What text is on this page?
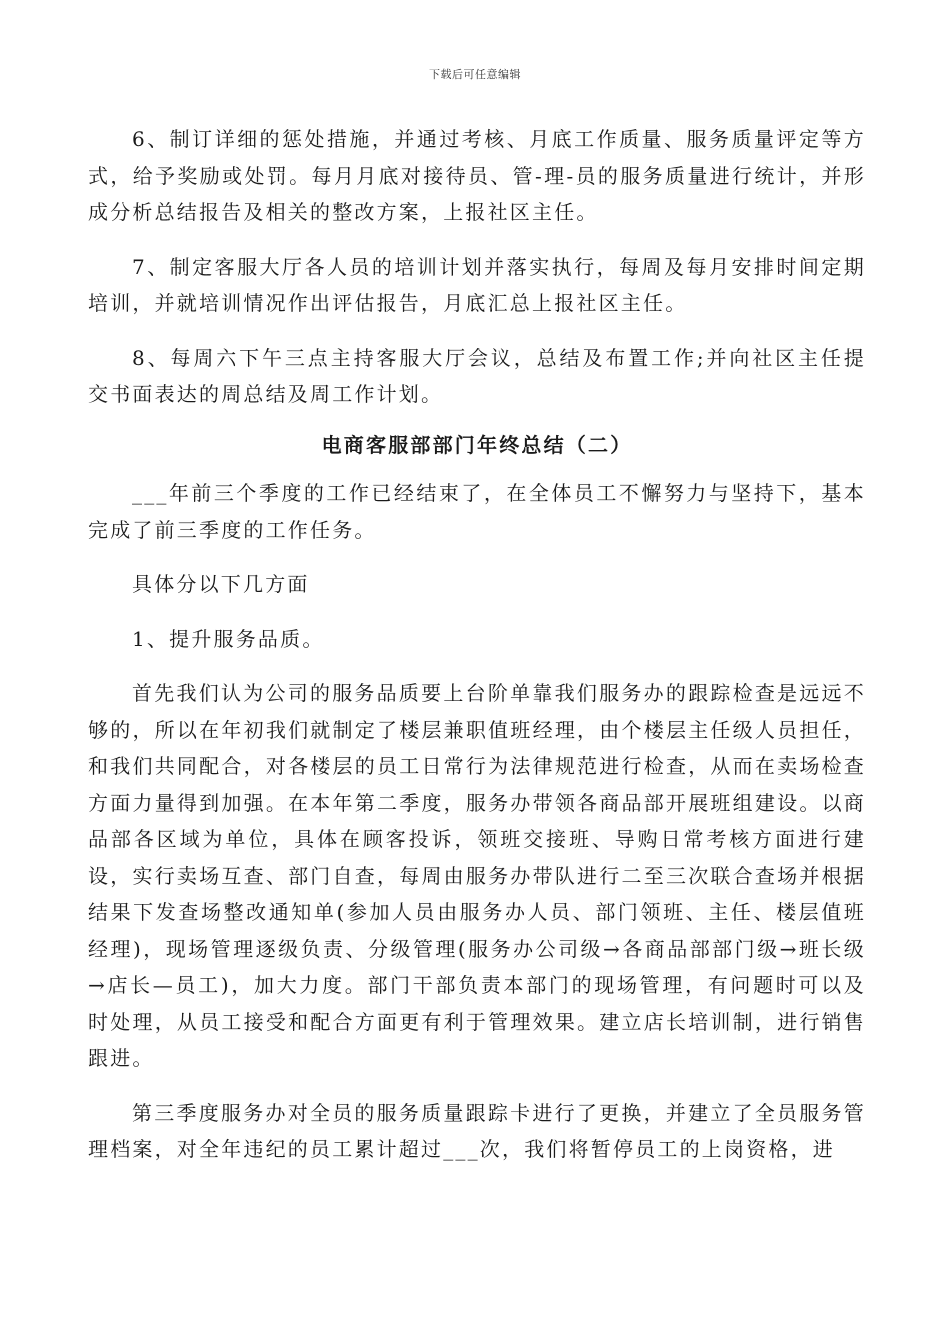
下载后可任意编辑

6、制订详细的惩处措施，并通过考核、月底工作质量、服务质量评定等方式，给予奖励或处罚。每月月底对接待员、管-理-员的服务质量进行统计，并形成分析总结报告及相关的整改方案，上报社区主任。

7、制定客服大厅各人员的培训计划并落实执行，每周及每月安排时间定期培训，并就培训情况作出评估报告，月底汇总上报社区主任。

8、每周六下午三点主持客服大厅会议，总结及布置工作;并向社区主任提交书面表达的周总结及周工作计划。

电商客服部部门年终总结（二）

___年前三个季度的工作已经结束了，在全体员工不懈努力与坚持下，基本完成了前三季度的工作任务。

具体分以下几方面

1、提升服务品质。

首先我们认为公司的服务品质要上台阶单靠我们服务办的跟踪检查是远远不够的，所以在年初我们就制定了楼层兼职值班经理，由个楼层主任级人员担任，和我们共同配合，对各楼层的员工日常行为法律规范进行检查，从而在卖场检查方面力量得到加强。在本年第二季度，服务办带领各商品部开展班组建设。以商品部各区域为单位，具体在顾客投诉，领班交接班、导购日常考核方面进行建设，实行卖场互查、部门自查，每周由服务办带队进行二至三次联合查场并根据结果下发查场整改通知单(参加人员由服务办人员、部门领班、主任、楼层值班经理)，现场管理逐级负责、分级管理(服务办公司级→各商品部部门级→班长级→店长—员工)，加大力度。部门干部负责本部门的现场管理，有问题时可以及时处理，从员工接受和配合方面更有利于管理效果。建立店长培训制，进行销售跟进。

第三季度服务办对全员的服务质量跟踪卡进行了更换，并建立了全员服务管理档案，对全年违纪的员工累计超过___次，我们将暂停员工的上岗资格，进
